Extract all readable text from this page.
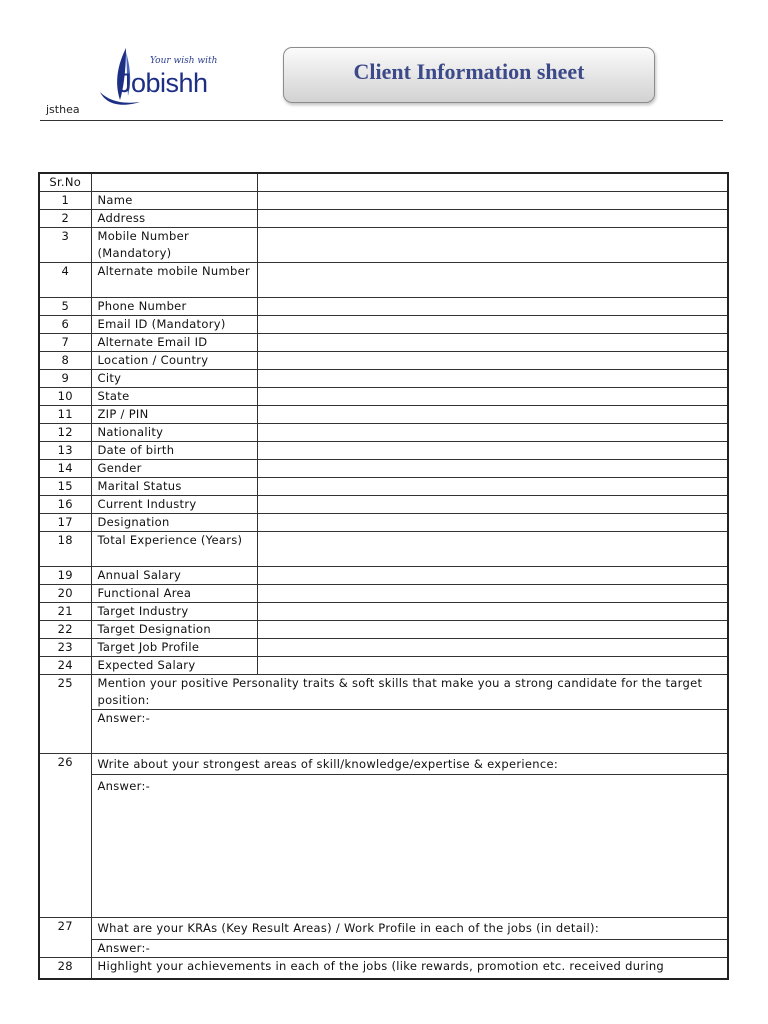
Your wish with
Jobishh
jsthea
Client Information sheet
Sr.No		
1	Name	
2	Address	
3	Mobile Number (Mandatory)	
4	Alternate mobile Number	
5	Phone Number	
6	Email ID (Mandatory)	
7	Alternate Email ID	
8	Location / Country	
9	City	
10	State	
11	ZIP / PIN	
12	Nationality	
13	Date of birth	
14	Gender	
15	Marital Status	
16	Current Industry	
17	Designation	
18	Total Experience (Years)	
19	Annual Salary	
20	Functional Area	
21	Target Industry	
22	Target Designation	
23	Target Job Profile	
24	Expected Salary	
25	Mention your positive Personality traits & soft skills that make you a strong candidate for the target position:	
	Answer:-	
26	Write about your strongest areas of skill/knowledge/expertise & experience:	
	Answer:-	
27	What are your KRAs (Key Result Areas) / Work Profile in each of the jobs (in detail):	
	Answer:-	
28	Highlight your achievements in each of the jobs (like rewards, promotion etc. received during	
